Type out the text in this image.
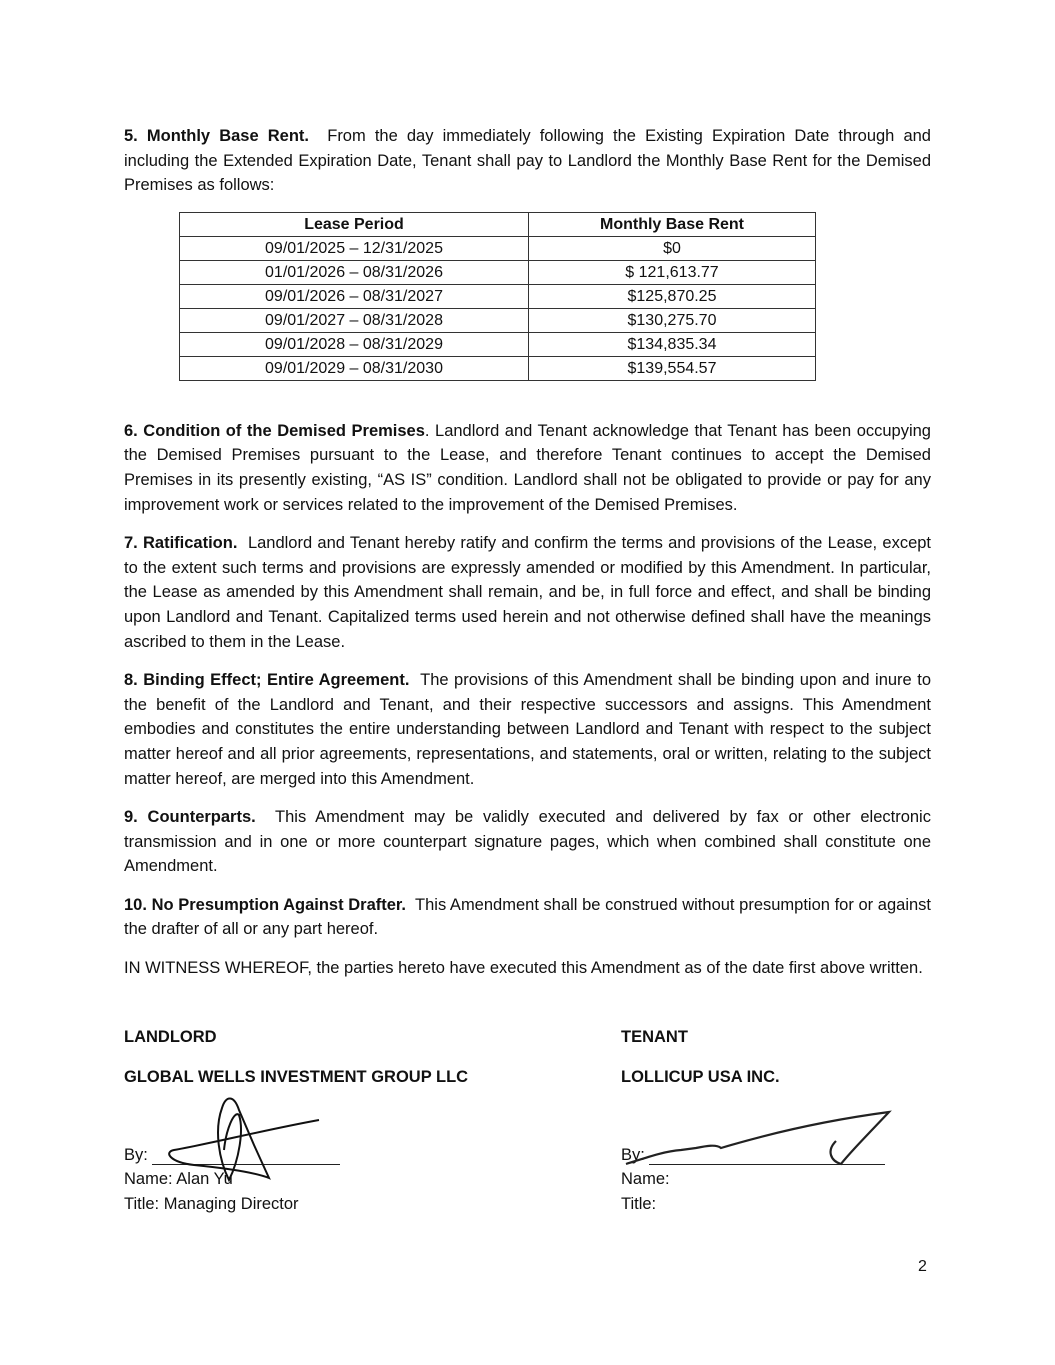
5. Monthly Base Rent. From the day immediately following the Existing Expiration Date through and including the Extended Expiration Date, Tenant shall pay to Landlord the Monthly Base Rent for the Demised Premises as follows:

Lease Period	Monthly Base Rent
09/01/2025 – 12/31/2025	$0
01/01/2026 – 08/31/2026	$ 121,613.77
09/01/2026 – 08/31/2027	$125,870.25
09/01/2027 – 08/31/2028	$130,275.70
09/01/2028 – 08/31/2029	$134,835.34
09/01/2029 – 08/31/2030	$139,554.57

6. Condition of the Demised Premises. Landlord and Tenant acknowledge that Tenant has been occupying the Demised Premises pursuant to the Lease, and therefore Tenant continues to accept the Demised Premises in its presently existing, “AS IS” condition. Landlord shall not be obligated to provide or pay for any improvement work or services related to the improvement of the Demised Premises.

7. Ratification. Landlord and Tenant hereby ratify and confirm the terms and provisions of the Lease, except to the extent such terms and provisions are expressly amended or modified by this Amendment. In particular, the Lease as amended by this Amendment shall remain, and be, in full force and effect, and shall be binding upon Landlord and Tenant. Capitalized terms used herein and not otherwise defined shall have the meanings ascribed to them in the Lease.

8. Binding Effect; Entire Agreement. The provisions of this Amendment shall be binding upon and inure to the benefit of the Landlord and Tenant, and their respective successors and assigns. This Amendment embodies and constitutes the entire understanding between Landlord and Tenant with respect to the subject matter hereof and all prior agreements, representations, and statements, oral or written, relating to the subject matter hereof, are merged into this Amendment.

9. Counterparts. This Amendment may be validly executed and delivered by fax or other electronic transmission and in one or more counterpart signature pages, which when combined shall constitute one Amendment.

10. No Presumption Against Drafter. This Amendment shall be construed without presumption for or against the drafter of all or any part hereof.

IN WITNESS WHEREOF, the parties hereto have executed this Amendment as of the date first above written.

LANDLORD
GLOBAL WELLS INVESTMENT GROUP LLC
By:
Name: Alan Yu
Title: Managing Director
TENANT
LOLLICUP USA INC.
By:
Name:
Title:
2
